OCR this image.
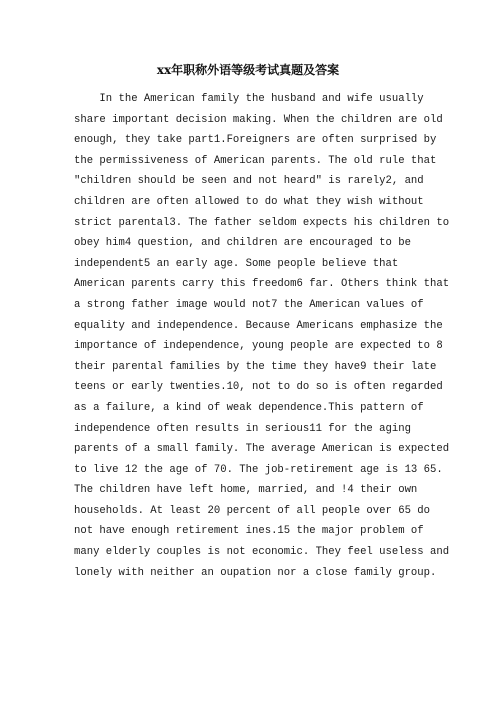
xx年职称外语等级考试真题及答案
In the American family the husband and wife usually
share important decision making. When the children are old
enough, they take part1.Foreigners are often surprised by
the permissiveness of American parents. The old rule that
"children should be seen and not heard" is rarely2, and
children are often allowed to do what they wish without
strict parental3. The father seldom expects his children to
obey him4 question, and children are encouraged to be
independent5 an early age. Some people believe that
American parents carry this freedom6 far. Others think that
a strong father image would not7 the American values of
equality and independence. Because Americans emphasize the
importance of independence, young people are expected to 8
their parental families by the time they have9 their late
teens or early twenties.10, not to do so is often regarded
as a failure, a kind of weak dependence.This pattern of
independence often results in serious11 for the aging
parents of a small family. The average American is expected
to live 12 the age of 70. The job-retirement age is 13 65.
The children have left home, married, and !4 their own
households. At least 20 percent of all people over 65 do
not have enough retirement ines.15 the major problem of
many elderly couples is not economic. They feel useless and
lonely with neither an oupation nor a close family group.
